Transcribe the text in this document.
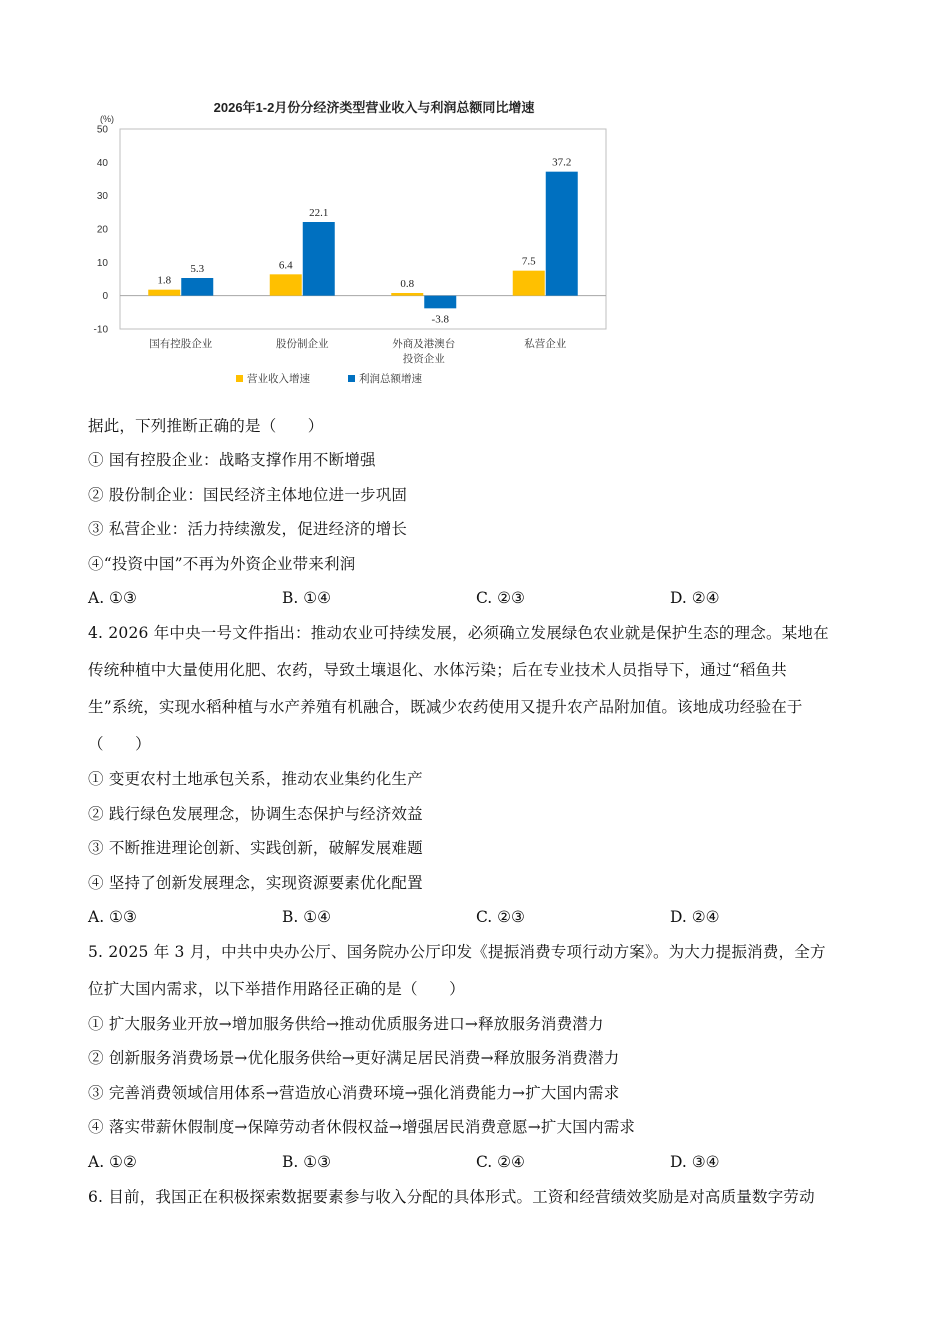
2026年1-2月份分经济类型营业收入与利润总额同比增速
(%)
-10
0
10
20
30
40
50
1.8
5.3	6.4
22.1
0.8
-3.8
7.5
37.2
国有控股企业	股份制企业	外商及港澳台
投资企业
私营企业
营业收入增速	利润总额增速
据此，下列推断正确的是（　　）
① 国有控股企业：战略支撑作用不断增强
② 股份制企业：国民经济主体地位进一步巩固
③ 私营企业：活力持续激发，促进经济的增长
④“投资中国”不再为外资企业带来利润
A. ①③	B. ①④	C. ②③	D. ②④
4. 2026 年中央一号文件指出：推动农业可持续发展，必须确立发展绿色农业就是保护生态的理念。某地在
传统种植中大量使用化肥、农药，导致土壤退化、水体污染；后在专业技术人员指导下，通过“稻鱼共
生”系统，实现水稻种植与水产养殖有机融合，既减少农药使用又提升农产品附加值。该地成功经验在于
（　　）
① 变更农村土地承包关系，推动农业集约化生产
② 践行绿色发展理念，协调生态保护与经济效益
③ 不断推进理论创新、实践创新，破解发展难题
④ 坚持了创新发展理念，实现资源要素优化配置
A. ①③	B. ①④	C. ②③	D. ②④
5. 2025 年 3 月，中共中央办公厅、国务院办公厅印发《提振消费专项行动方案》。为大力提振消费，全方
位扩大国内需求，以下举措作用路径正确的是（　　）
① 扩大服务业开放→增加服务供给→推动优质服务进口→释放服务消费潜力
② 创新服务消费场景→优化服务供给→更好满足居民消费→释放服务消费潜力
③ 完善消费领域信用体系→营造放心消费环境→强化消费能力→扩大国内需求
④ 落实带薪休假制度→保障劳动者休假权益→增强居民消费意愿→扩大国内需求
A. ①②	B. ①③	C. ②④	D. ③④
6. 目前，我国正在积极探索数据要素参与收入分配的具体形式。工资和经营绩效奖励是对高质量数字劳动
